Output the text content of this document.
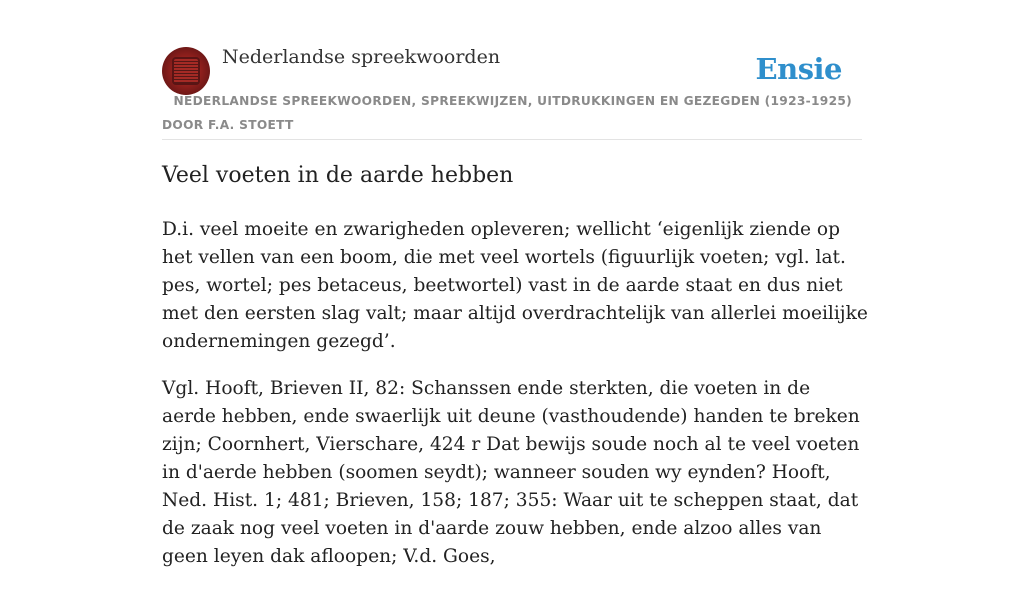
Nederlandse spreekwoorden	Ensie
NEDERLANDSE SPREEKWOORDEN, SPREEKWIJZEN, UITDRUKKINGEN EN GEZEGDEN (1923-1925)
DOOR F.A. STOETT
Veel voeten in de aarde hebben

D.i. veel moeite en zwarigheden opleveren; wellicht ‘eigenlijk ziende op het vellen van een boom, die met veel wortels (figuurlijk voeten; vgl. lat. pes, wortel; pes betaceus, beetwortel) vast in de aarde staat en dus niet met den eersten slag valt; maar altijd overdrachtelijk van allerlei moeilijke ondernemingen gezegd’.

Vgl. Hooft, Brieven II, 82: Schanssen ende sterkten, die voeten in de aerde hebben, ende swaerlijk uit deune (vasthoudende) handen te breken zijn; Coornhert, Vierschare, 424 r Dat bewijs soude noch al te veel voeten in d'aerde hebben (soomen seydt); wanneer souden wy eynden? Hooft, Ned. Hist. 1; 481; Brieven, 158; 187; 355: Waar uit te scheppen staat, dat de zaak nog veel voeten in d'aarde zouw hebben, ende alzoo alles van geen leyen dak afloopen; V.d. Goes,
